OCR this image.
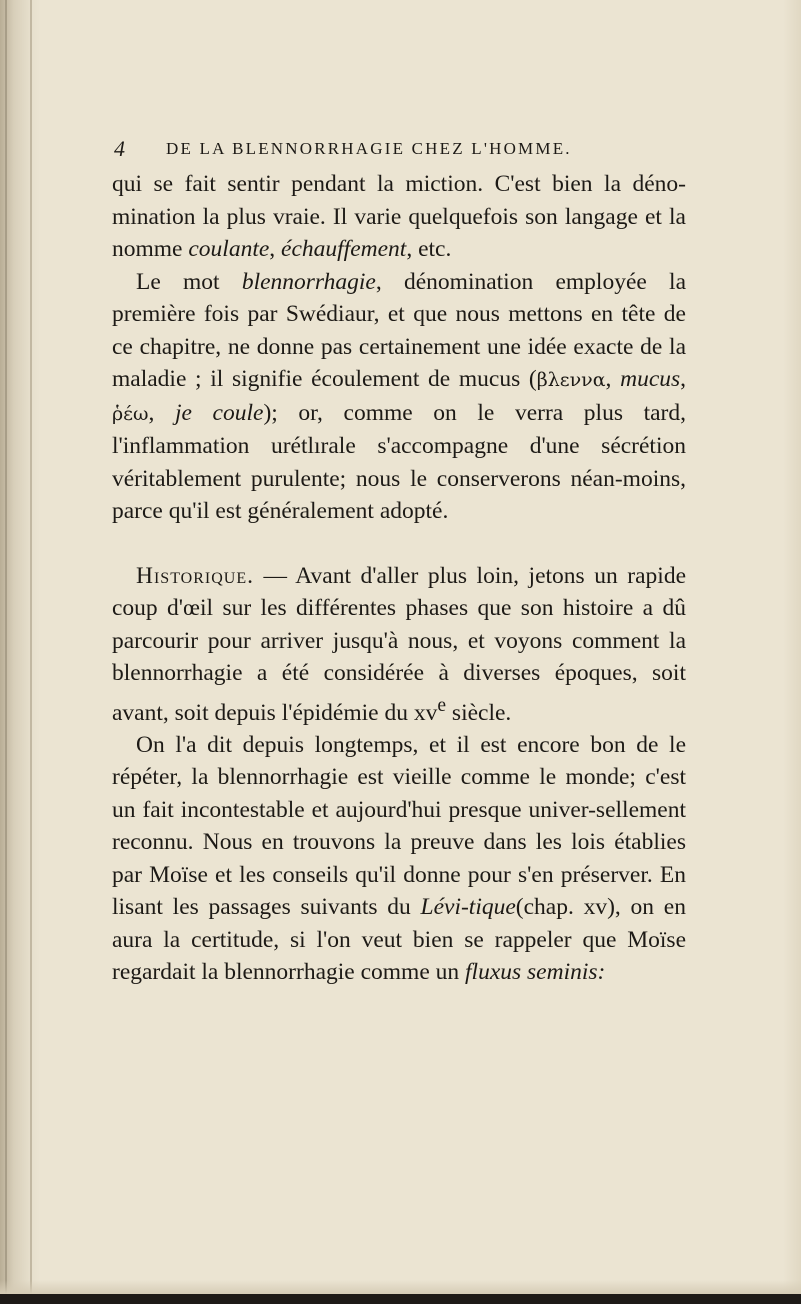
4 DE LA BLENNORRHAGIE CHEZ L'HOMME.

qui se fait sentir pendant la miction. C'est bien la déno-mination la plus vraie. Il varie quelquefois son langage et la nomme coulante, échauffement, etc.

Le mot blennorrhagie, dénomination employée la première fois par Swédiaur, et que nous mettons en tête de ce chapitre, ne donne pas certainement une idée exacte de la maladie ; il signifie écoulement de mucus (βλεννα, mucus, ῥέω, je coule); or, comme on le verra plus tard, l'inflammation urétlırale s'accompagne d'une sécrétion véritablement purulente; nous le conserverons néan-moins, parce qu'il est généralement adopté.

Historique. — Avant d'aller plus loin, jetons un rapide coup d'œil sur les différentes phases que son histoire a dû parcourir pour arriver jusqu'à nous, et voyons comment la blennorrhagie a été considérée à diverses époques, soit avant, soit depuis l'épidémie du $xv^e$ siècle.

On l'a dit depuis longtemps, et il est encore bon de le répéter, la blennorrhagie est vieille comme le monde; c'est un fait incontestable et aujourd'hui presque univer-sellement reconnu. Nous en trouvons la preuve dans les lois établies par Moïse et les conseils qu'il donne pour s'en préserver. En lisant les passages suivants du Lévi-tique(chap. xv), on en aura la certitude, si l'on veut bien se rappeler que Moïse regardait la blennorrhagie comme un fluxus seminis:
